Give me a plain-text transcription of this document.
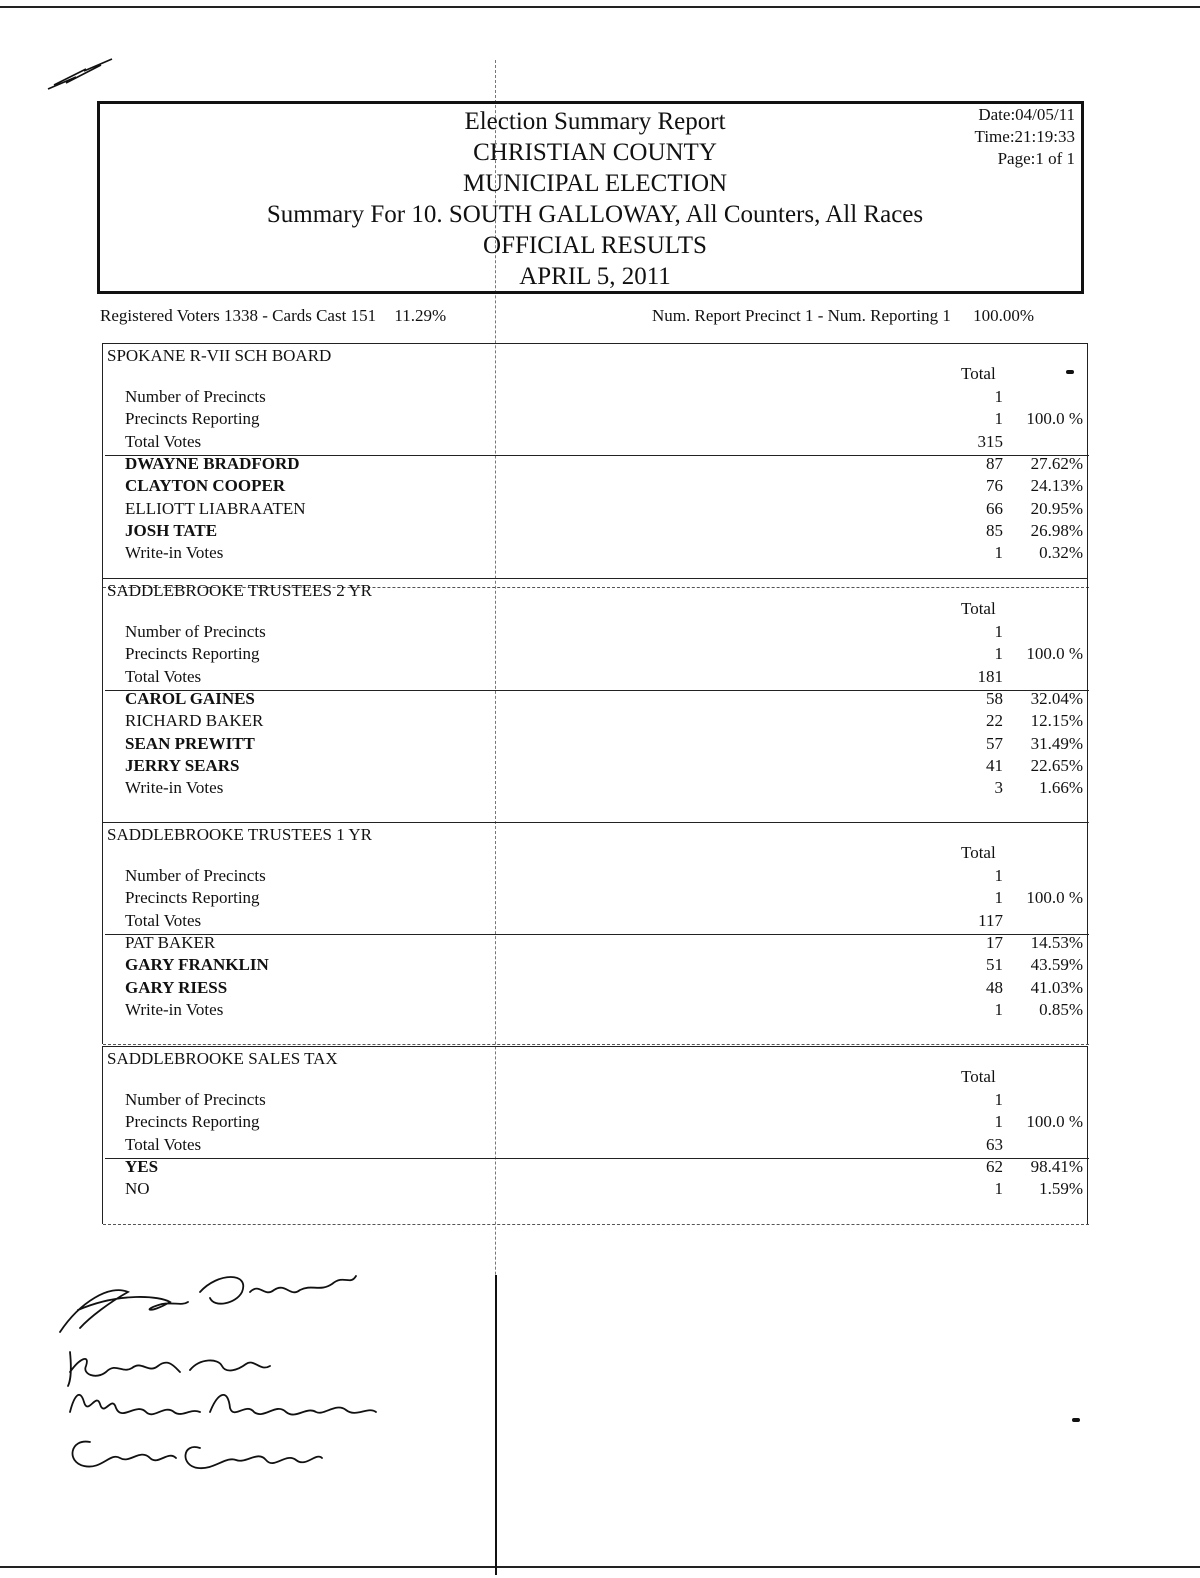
Election Summary Report
CHRISTIAN COUNTY
MUNICIPAL ELECTION
Summary For 10. SOUTH GALLOWAY, All Counters, All Races
OFFICIAL RESULTS
APRIL 5, 2011
Date:04/05/11
Time:21:19:33
Page:1 of 1
Registered Voters 1338 - Cards Cast 151 11.29%	Num. Report Precinct 1 - Num. Reporting 1 100.00%
SPOKANE R-VII SCH BOARD
Total
Number of Precincts	1
Precincts Reporting	1 100.0 %
Total Votes	315
DWAYNE BRADFORD	87 27.62%
CLAYTON COOPER	76 24.13%
ELLIOTT LIABRAATEN	66 20.95%
JOSH TATE	85 26.98%
Write-in Votes	1 0.32%
SADDLEBROOKE TRUSTEES 2 YR
Total
Number of Precincts	1
Precincts Reporting	1 100.0 %
Total Votes	181
CAROL GAINES	58 32.04%
RICHARD BAKER	22 12.15%
SEAN PREWITT	57 31.49%
JERRY SEARS	41 22.65%
Write-in Votes	3 1.66%
SADDLEBROOKE TRUSTEES 1 YR
Total
Number of Precincts	1
Precincts Reporting	1 100.0 %
Total Votes	117
PAT BAKER	17 14.53%
GARY FRANKLIN	51 43.59%
GARY RIESS	48 41.03%
Write-in Votes	1 0.85%
SADDLEBROOKE SALES TAX
Total
Number of Precincts	1
Precincts Reporting	1 100.0 %
Total Votes	63
YES	62 98.41%
NO	1 1.59%
